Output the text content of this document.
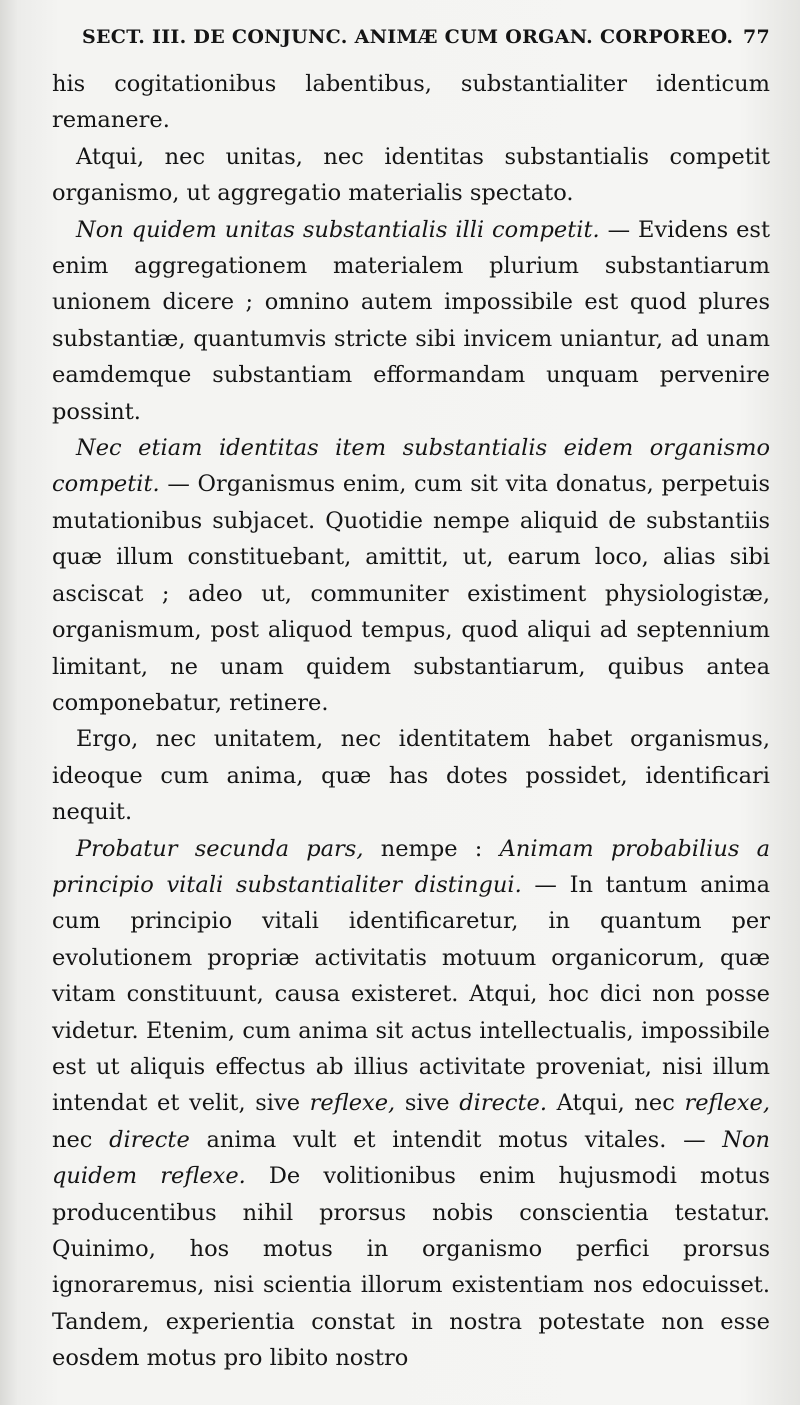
SECT. III. DE CONJUNC. ANIMÆ CUM ORGAN. CORPOREO. 77

his cogitationibus labentibus, substantialiter identicum remanere.

Atqui, nec unitas, nec identitas substantialis competit organismo, ut aggregatio materialis spectato.

Non quidem unitas substantialis illi competit. — Evidens est enim aggregationem materialem plurium substantiarum unionem dicere ; omnino autem impossibile est quod plures substantiæ, quantumvis stricte sibi invicem uniantur, ad unam eamdemque substantiam efformandam unquam pervenire possint.

Nec etiam identitas item substantialis eidem organismo competit. — Organismus enim, cum sit vita donatus, perpetuis mutationibus subjacet. Quotidie nempe aliquid de substantiis quæ illum constituebant, amittit, ut, earum loco, alias sibi asciscat ; adeo ut, communiter existiment physiologistæ, organismum, post aliquod tempus, quod aliqui ad septennium limitant, ne unam quidem substantiarum, quibus antea componebatur, retinere.

Ergo, nec unitatem, nec identitatem habet organismus, ideoque cum anima, quæ has dotes possidet, identificari nequit.

Probatur secunda pars, nempe : Animam probabilius a principio vitali substantialiter distingui. — In tantum anima cum principio vitali identificaretur, in quantum per evolutionem propriæ activitatis motuum organicorum, quæ vitam constituunt, causa existeret. Atqui, hoc dici non posse videtur. Etenim, cum anima sit actus intellectualis, impossibile est ut aliquis effectus ab illius activitate proveniat, nisi illum intendat et velit, sive reflexe, sive directe. Atqui, nec reflexe, nec directe anima vult et intendit motus vitales. — Non quidem reflexe. De volitionibus enim hujusmodi motus producentibus nihil prorsus nobis conscientia testatur. Quinimo, hos motus in organismo perfici prorsus ignoraremus, nisi scientia illorum existentiam nos edocuisset. Tandem, experientia constat in nostra potestate non esse eosdem motus pro libito nostro
